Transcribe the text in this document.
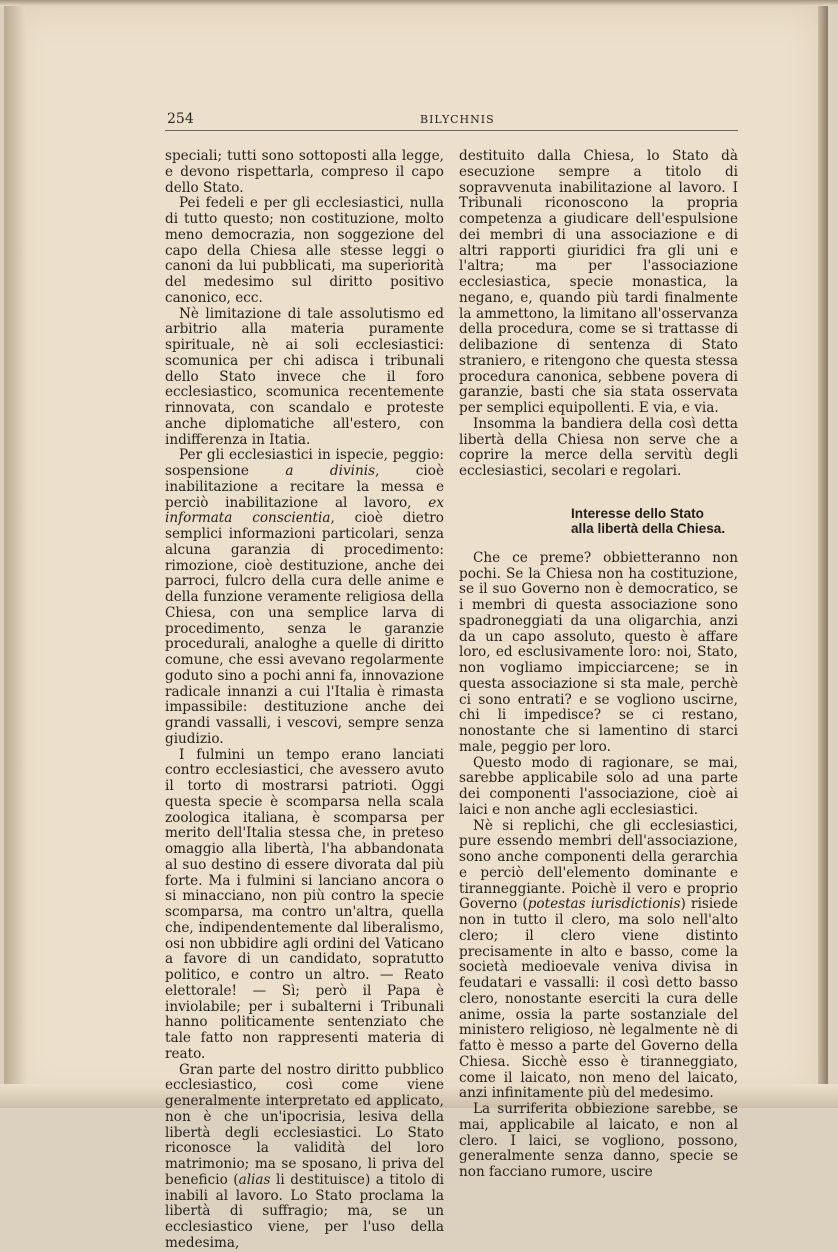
254	BILYCHNIS

speciali; tutti sono sottoposti alla legge, e devono rispettarla, compreso il capo dello Stato.

Pei fedeli e per gli ecclesiastici, nulla di tutto questo; non costituzione, molto meno democrazia, non soggezione del capo della Chiesa alle stesse leggi o canoni da lui pubblicati, ma superiorità del medesimo sul diritto positivo canonico, ecc.

Nè limitazione di tale assolutismo ed arbitrio alla materia puramente spirituale, nè ai soli ecclesiastici: scomunica per chi adisca i tribunali dello Stato invece che il foro ecclesiastico, scomunica recentemente rinnovata, con scandalo e proteste anche diplomatiche all'estero, con indifferenza in Itatia.

Per gli ecclesiastici in ispecie, peggio: sospensione a divinis, cioè inabilitazione a recitare la messa e perciò inabilitazione al lavoro, ex informata conscientia, cioè dietro semplici informazioni particolari, senza alcuna garanzia di procedimento: rimozione, cioè destituzione, anche dei parroci, fulcro della cura delle anime e della funzione veramente religiosa della Chiesa, con una semplice larva di procedimento, senza le garanzie procedurali, analoghe a quelle di diritto comune, che essi avevano regolarmente goduto sino a pochi anni fa, innovazione radicale innanzi a cui l'Italia è rimasta impassibile: destituzione anche dei grandi vassalli, i vescovi, sempre senza giudizio.

I fulmini un tempo erano lanciati contro ecclesiastici, che avessero avuto il torto di mostrarsi patrioti. Oggi questa specie è scomparsa nella scala zoologica italiana, è scomparsa per merito dell'Italia stessa che, in preteso omaggio alla libertà, l'ha abbandonata al suo destino di essere divorata dal più forte. Ma i fulmini si lanciano ancora o si minacciano, non più contro la specie scomparsa, ma contro un'altra, quella che, indipendentemente dal liberalismo, osi non ubbidire agli ordini del Vaticano a favore di un candidato, sopratutto politico, e contro un altro. — Reato elettorale! — Sì; però il Papa è inviolabile; per i subalterni i Tribunali hanno politicamente sentenziato che tale fatto non rappresenti materia di reato.

Gran parte del nostro diritto pubblico ecclesiastico, così come viene generalmente interpretato ed applicato, non è che un'ipocrisia, lesiva della libertà degli ecclesiastici. Lo Stato riconosce la validità del loro matrimonio; ma se sposano, li priva del beneficio (alias li destituisce) a titolo di inabili al lavoro. Lo Stato proclama la libertà di suffragio; ma, se un ecclesiastico viene, per l'uso della medesima,

destituito dalla Chiesa, lo Stato dà esecuzione sempre a titolo di sopravvenuta inabilitazione al lavoro. I Tribunali riconoscono la propria competenza a giudicare dell'espulsione dei membri di una associazione e di altri rapporti giuridici fra gli uni e l'altra; ma per l'associazione ecclesiastica, specie monastica, la negano, e, quando più tardi finalmente la ammettono, la limitano all'osservanza della procedura, come se si trattasse di delibazione di sentenza di Stato straniero, e ritengono che questa stessa procedura canonica, sebbene povera di garanzie, basti che sia stata osservata per semplici equipollenti. E via, e via.

Insomma la bandiera della così detta libertà della Chiesa non serve che a coprire la merce della servitù degli ecclesiastici, secolari e regolari.

Interesse dello Stato
alla libertà della Chiesa.

Che ce preme? obbietteranno non pochi. Se la Chiesa non ha costituzione, se il suo Governo non è democratico, se i membri di questa associazione sono spadroneggiati da una oligarchia, anzi da un capo assoluto, questo è affare loro, ed esclusivamente loro: noi, Stato, non vogliamo impicciarcene; se in questa associazione si sta male, perchè ci sono entrati? e se vogliono uscirne, chi li impedisce? se ci restano, nonostante che si lamentino di starci male, peggio per loro.

Questo modo di ragionare, se mai, sarebbe applicabile solo ad una parte dei componenti l'associazione, cioè ai laici e non anche agli ecclesiastici.

Nè si replichi, che gli ecclesiastici, pure essendo membri dell'associazione, sono anche componenti della gerarchia e perciò dell'elemento dominante e tiranneggiante. Poichè il vero e proprio Governo (potestas iurisdictionis) risiede non in tutto il clero, ma solo nell'alto clero; il clero viene distinto precisamente in alto e basso, come la società medioevale veniva divisa in feudatari e vassalli: il così detto basso clero, nonostante eserciti la cura delle anime, ossia la parte sostanziale del ministero religioso, nè legalmente nè di fatto è messo a parte del Governo della Chiesa. Sicchè esso è tiranneggiato, come il laicato, non meno del laicato, anzi infinitamente più del medesimo.

La surriferita obbiezione sarebbe, se mai, applicabile al laicato, e non al clero. I laici, se vogliono, possono, generalmente senza danno, specie se non facciano rumore, uscire
